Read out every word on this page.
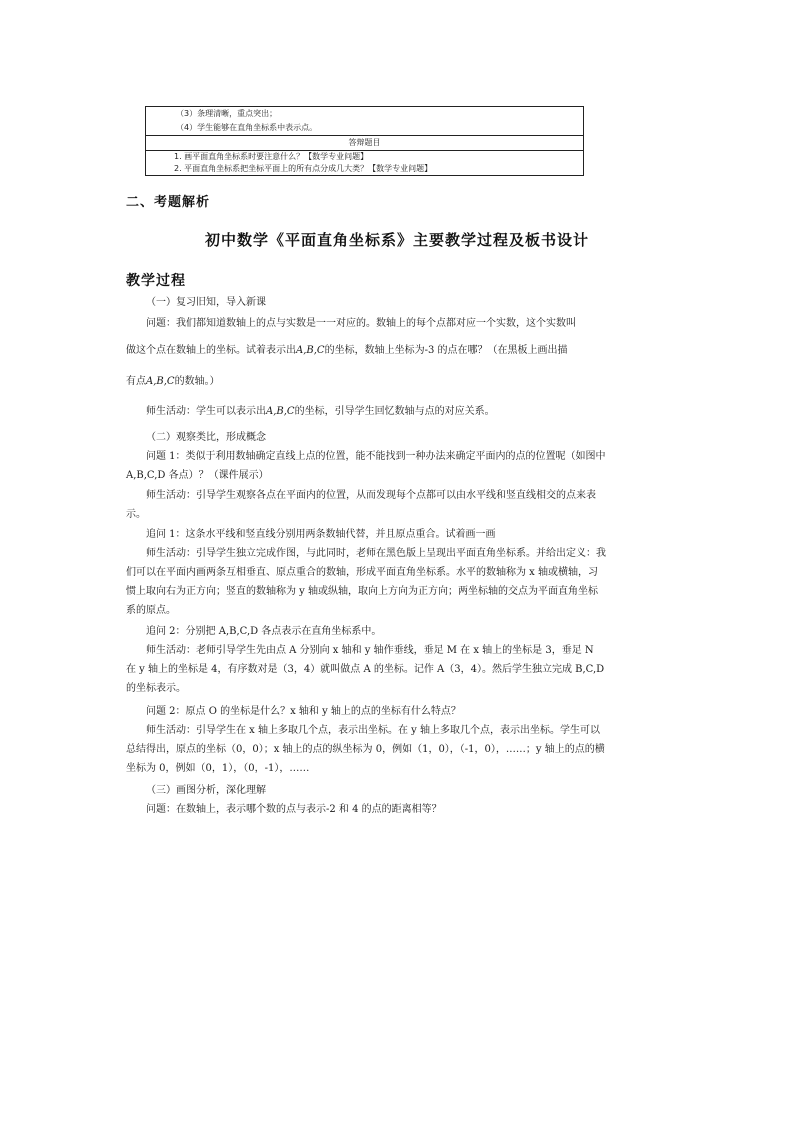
（3）条理清晰，重点突出；
（4）学生能够在直角坐标系中表示点。
答辩题目
1. 画平面直角坐标系时要注意什么？【数学专业问题】
2. 平面直角坐标系把坐标平面上的所有点分成几大类？【数学专业问题】
二、考题解析
初中数学《平面直角坐标系》主要教学过程及板书设计
教学过程
（一）复习旧知，导入新课
问题：我们都知道数轴上的点与实数是一一对应的。数轴上的每个点都对应一个实数，这个实数叫
做这个点在数轴上的坐标。试着表示出A,B,C的坐标，数轴上坐标为-3 的点在哪？（在黑板上画出描
有点A,B,C的数轴。）
师生活动：学生可以表示出A,B,C的坐标，引导学生回忆数轴与点的对应关系。
（二）观察类比，形成概念
问题 1：类似于利用数轴确定直线上点的位置，能不能找到一种办法来确定平面内的点的位置呢（如图中 A,B,C,D 各点）？（课件展示）
师生活动：引导学生观察各点在平面内的位置，从而发现每个点都可以由水平线和竖直线相交的点来表示。
追问 1：这条水平线和竖直线分别用两条数轴代替，并且原点重合。试着画一画
师生活动：引导学生独立完成作图，与此同时，老师在黑色版上呈现出平面直角坐标系。并给出定义：我们可以在平面内画两条互相垂直、原点重合的数轴，形成平面直角坐标系。水平的数轴称为 x 轴或横轴，习惯上取向右为正方向；竖直的数轴称为 y 轴或纵轴，取向上方向为正方向；两坐标轴的交点为平面直角坐标系的原点。
追问 2：分别把 A,B,C,D 各点表示在直角坐标系中。
师生活动：老师引导学生先由点 A 分别向 x 轴和 y 轴作垂线，垂足 M 在 x 轴上的坐标是 3，垂足 N 在 y 轴上的坐标是 4，有序数对是（3，4）就叫做点 A 的坐标。记作 A（3，4）。然后学生独立完成 B,C,D 的坐标表示。
问题 2：原点 O 的坐标是什么？x 轴和 y 轴上的点的坐标有什么特点？
师生活动：引导学生在 x 轴上多取几个点，表示出坐标。在 y 轴上多取几个点，表示出坐标。学生可以总结得出，原点的坐标（0，0）；x 轴上的点的纵坐标为 0，例如（1，0），（-1，0），……；y 轴上的点的横坐标为 0，例如（0，1），（0，-1），……
（三）画图分析，深化理解
问题：在数轴上，表示哪个数的点与表示-2 和 4 的点的距离相等？
